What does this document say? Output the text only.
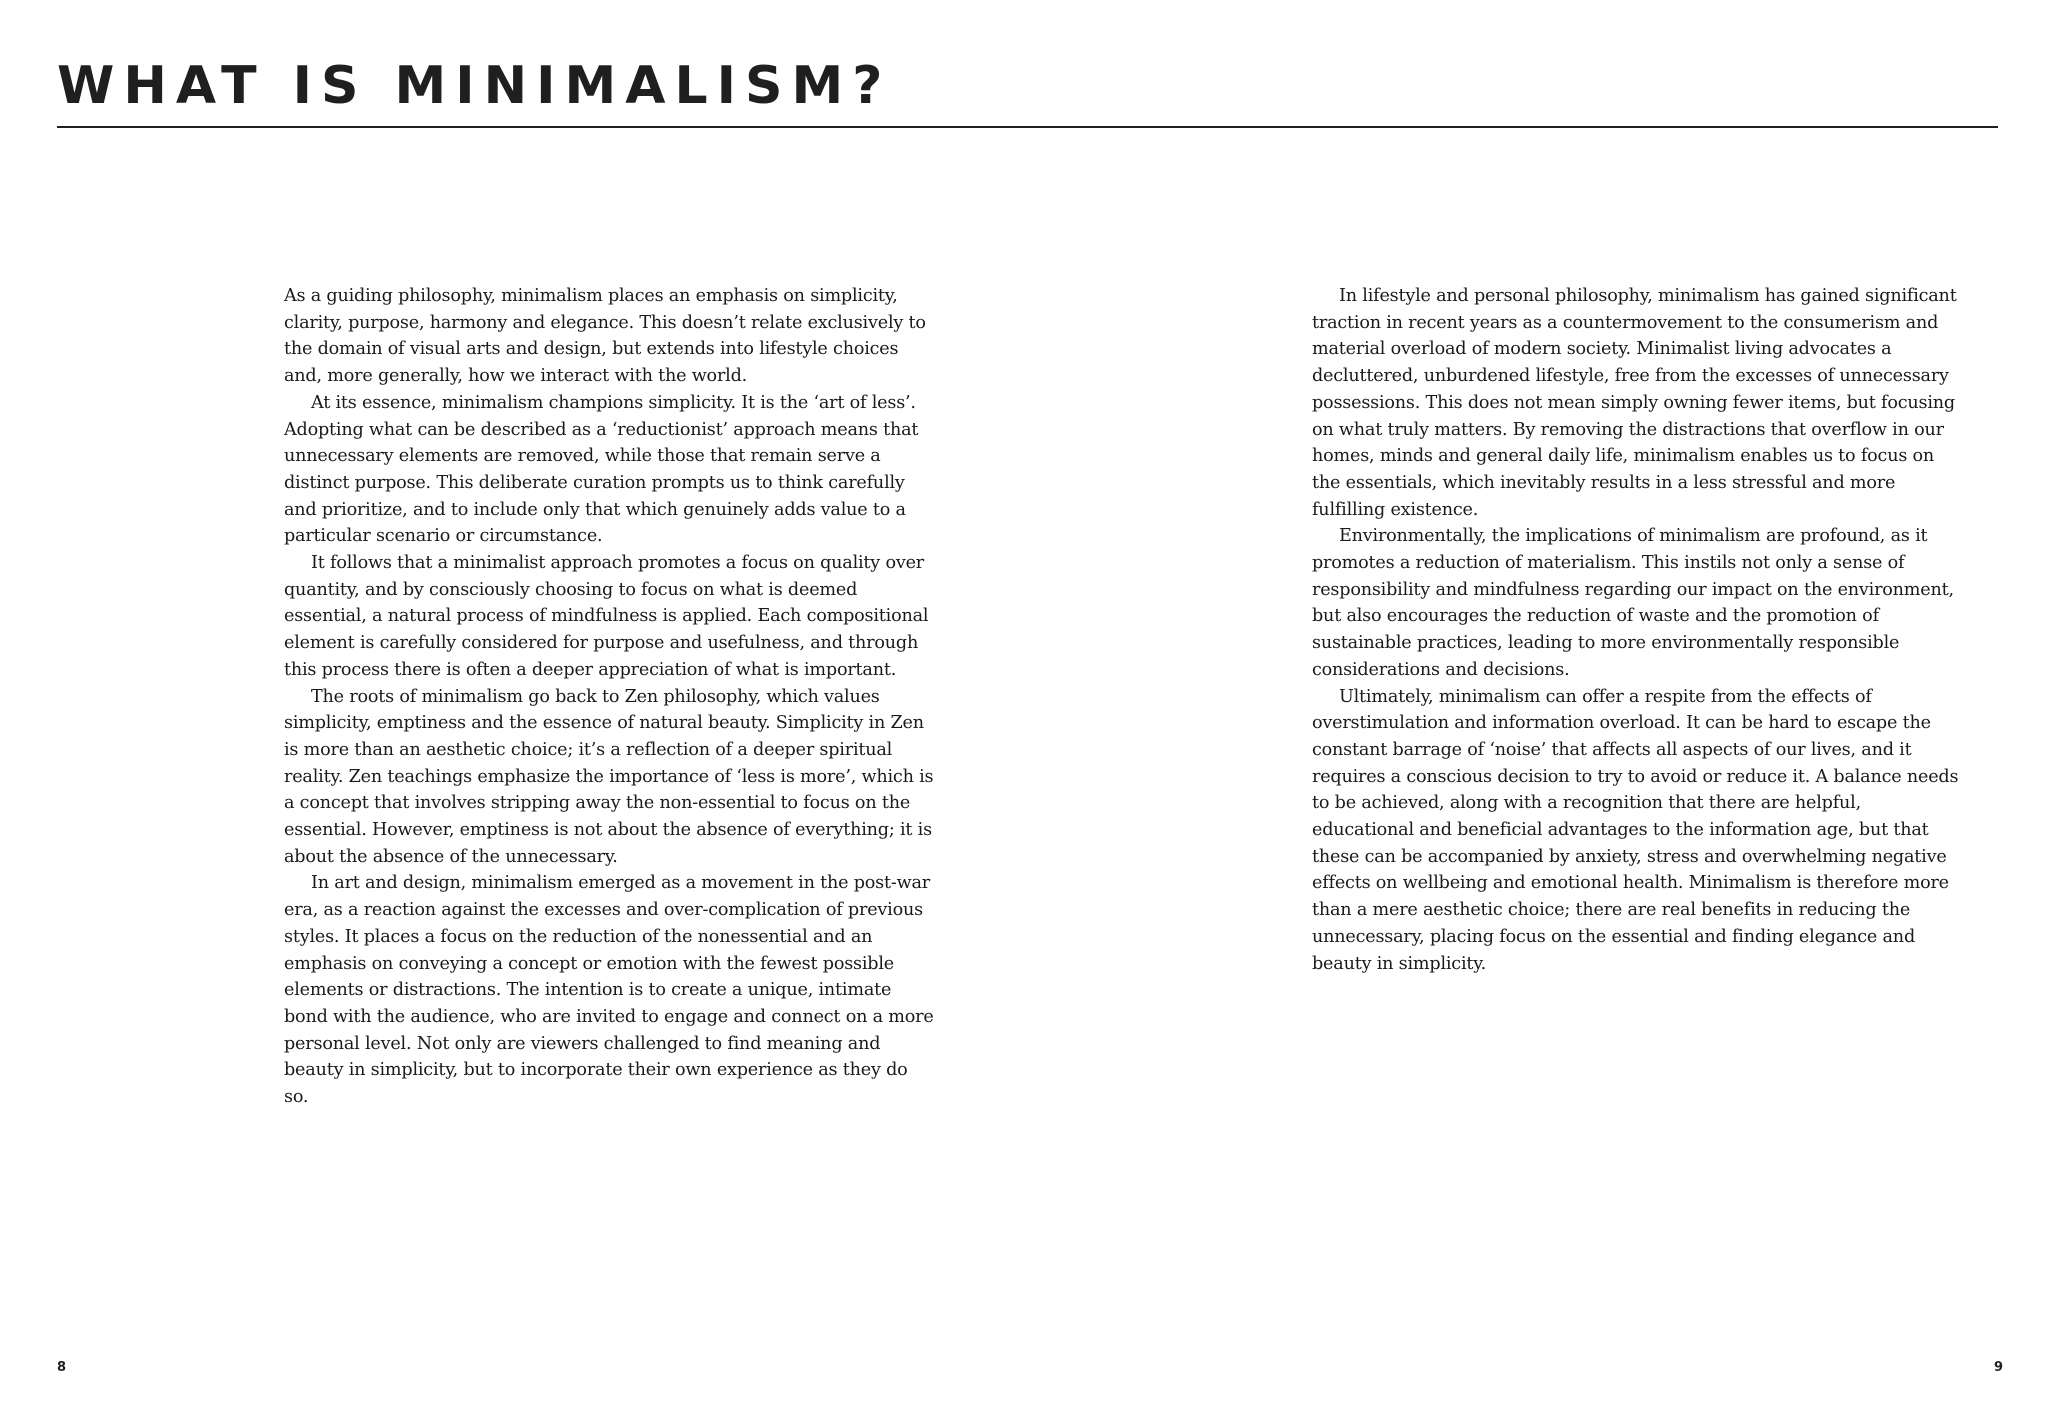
WHAT IS MINIMALISM?

As a guiding philosophy, minimalism places an emphasis on simplicity, clarity, purpose, harmony and elegance. This doesn’t relate exclusively to the domain of visual arts and design, but extends into lifestyle choices and, more generally, how we interact with the world.

At its essence, minimalism champions simplicity. It is the ‘art of less’. Adopting what can be described as a ‘reductionist’ approach means that unnecessary elements are removed, while those that remain serve a distinct purpose. This deliberate curation prompts us to think carefully and prioritize, and to include only that which genuinely adds value to a particular scenario or circumstance.

It follows that a minimalist approach promotes a focus on quality over quantity, and by consciously choosing to focus on what is deemed essential, a natural process of mindfulness is applied. Each compositional element is carefully considered for purpose and usefulness, and through this process there is often a deeper appreciation of what is important.

The roots of minimalism go back to Zen philosophy, which values simplicity, emptiness and the essence of natural beauty. Simplicity in Zen is more than an aesthetic choice; it’s a reflection of a deeper spiritual reality. Zen teachings emphasize the importance of ‘less is more’, which is a concept that involves stripping away the non-essential to focus on the essential. However, emptiness is not about the absence of everything; it is about the absence of the unnecessary.

In art and design, minimalism emerged as a movement in the post-war era, as a reaction against the excesses and over-complication of previous styles. It places a focus on the reduction of the nonessential and an emphasis on conveying a concept or emotion with the fewest possible elements or distractions. The intention is to create a unique, intimate bond with the audience, who are invited to engage and connect on a more personal level. Not only are viewers challenged to find meaning and beauty in simplicity, but to incorporate their own experience as they do so.

In lifestyle and personal philosophy, minimalism has gained significant traction in recent years as a countermovement to the consumerism and material overload of modern society. Minimalist living advocates a decluttered, unburdened lifestyle, free from the excesses of unnecessary possessions. This does not mean simply owning fewer items, but focusing on what truly matters. By removing the distractions that overflow in our homes, minds and general daily life, minimalism enables us to focus on the essentials, which inevitably results in a less stressful and more fulfilling existence.

Environmentally, the implications of minimalism are profound, as it promotes a reduction of materialism. This instils not only a sense of responsibility and mindfulness regarding our impact on the environment, but also encourages the reduction of waste and the promotion of sustainable practices, leading to more environmentally responsible considerations and decisions.

Ultimately, minimalism can offer a respite from the effects of overstimulation and information overload. It can be hard to escape the constant barrage of ‘noise’ that affects all aspects of our lives, and it requires a conscious decision to try to avoid or reduce it. A balance needs to be achieved, along with a recognition that there are helpful, educational and beneficial advantages to the information age, but that these can be accompanied by anxiety, stress and overwhelming negative effects on wellbeing and emotional health. Minimalism is therefore more than a mere aesthetic choice; there are real benefits in reducing the unnecessary, placing focus on the essential and finding elegance and beauty in simplicity.

8	9
